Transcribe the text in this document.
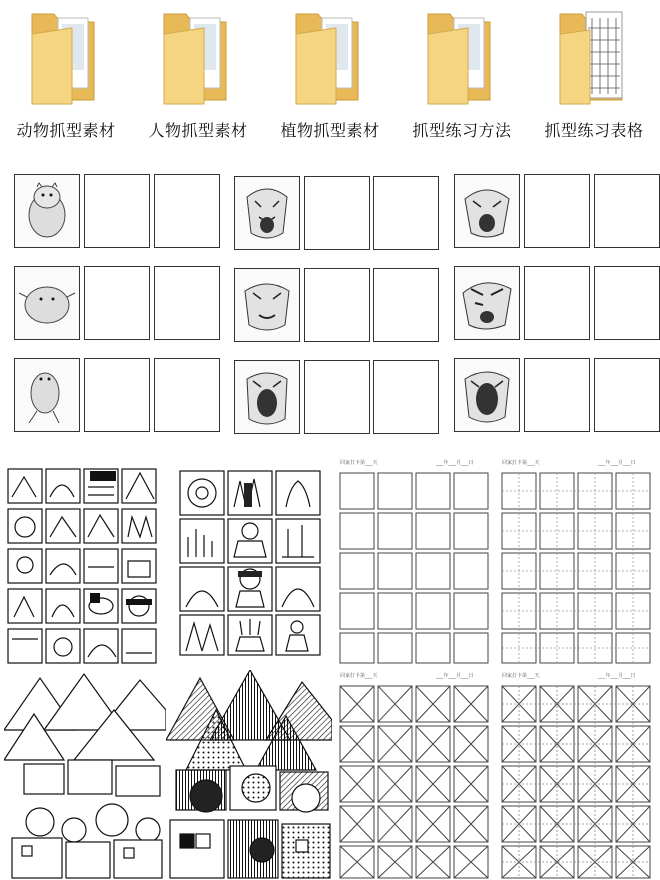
动物抓型素材	人物抓型素材	植物抓型素材	抓型练习方法	抓型练习表格
回家打卡第___天	___年___月___日	回家打卡第___天	___年___月___日
回家打卡第___天	___年___月___日	回家打卡第___天	___年___月___日
